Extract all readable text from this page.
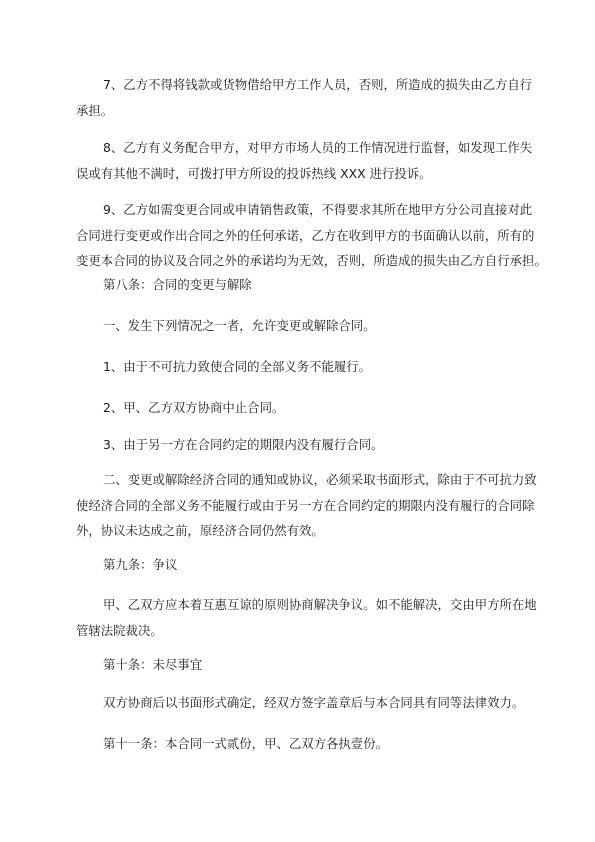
7、乙方不得将钱款或货物借给甲方工作人员，否则，所造成的损失由乙方自行
承担。

8、乙方有义务配合甲方，对甲方市场人员的工作情况进行监督，如发现工作失
误或有其他不满时，可拨打甲方所设的投诉热线 XXX 进行投诉。

9、乙方如需变更合同或申请销售政策，不得要求其所在地甲方分公司直接对此
合同进行变更或作出合同之外的任何承诺，乙方在收到甲方的书面确认以前，所有的
变更本合同的协议及合同之外的承诺均为无效，否则，所造成的损失由乙方自行承担。

第八条：合同的变更与解除

一、发生下列情况之一者，允许变更或解除合同。

1、由于不可抗力致使合同的全部义务不能履行。

2、甲、乙方双方协商中止合同。

3、由于另一方在合同约定的期限内没有履行合同。

二、变更或解除经济合同的通知或协议，必须采取书面形式，除由于不可抗力致
使经济合同的全部义务不能履行或由于另一方在合同约定的期限内没有履行的合同除
外，协议未达成之前，原经济合同仍然有效。

第九条：争议

甲、乙双方应本着互惠互谅的原则协商解决争议。如不能解决，交由甲方所在地
管辖法院裁决。

第十条：未尽事宜

双方协商后以书面形式确定，经双方签字盖章后与本合同具有同等法律效力。

第十一条：本合同一式贰份，甲、乙双方各执壹份。
